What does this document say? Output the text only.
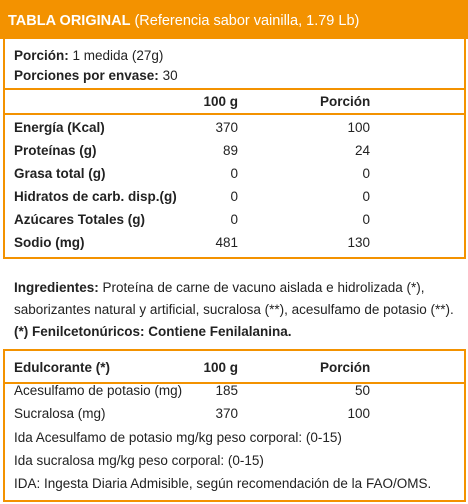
TABLA ORIGINAL (Referencia sabor vainilla, 1.79 Lb)
Porción: 1 medida (27g)
Porciones por envase: 30
100 g	Porción
Energía (Kcal)	370	100
Proteínas (g)	89	24
Grasa total (g)	0	0
Hidratos de carb. disp.(g)	0	0
Azúcares Totales (g)	0	0
Sodio (mg)	481	130
Ingredientes: Proteína de carne de vacuno aislada e hidrolizada (*),
saborizantes natural y artificial, sucralosa (**), acesulfamo de potasio (**).
(*) Fenilcetonúricos: Contiene Fenilalanina.
Edulcorante (*)	100 g	Porción
Acesulfamo de potasio (mg)	185	50
Sucralosa (mg)	370	100
Ida Acesulfamo de potasio mg/kg peso corporal: (0-15)
Ida sucralosa mg/kg peso corporal: (0-15)
IDA: Ingesta Diaria Admisible, según recomendación de la FAO/OMS.
